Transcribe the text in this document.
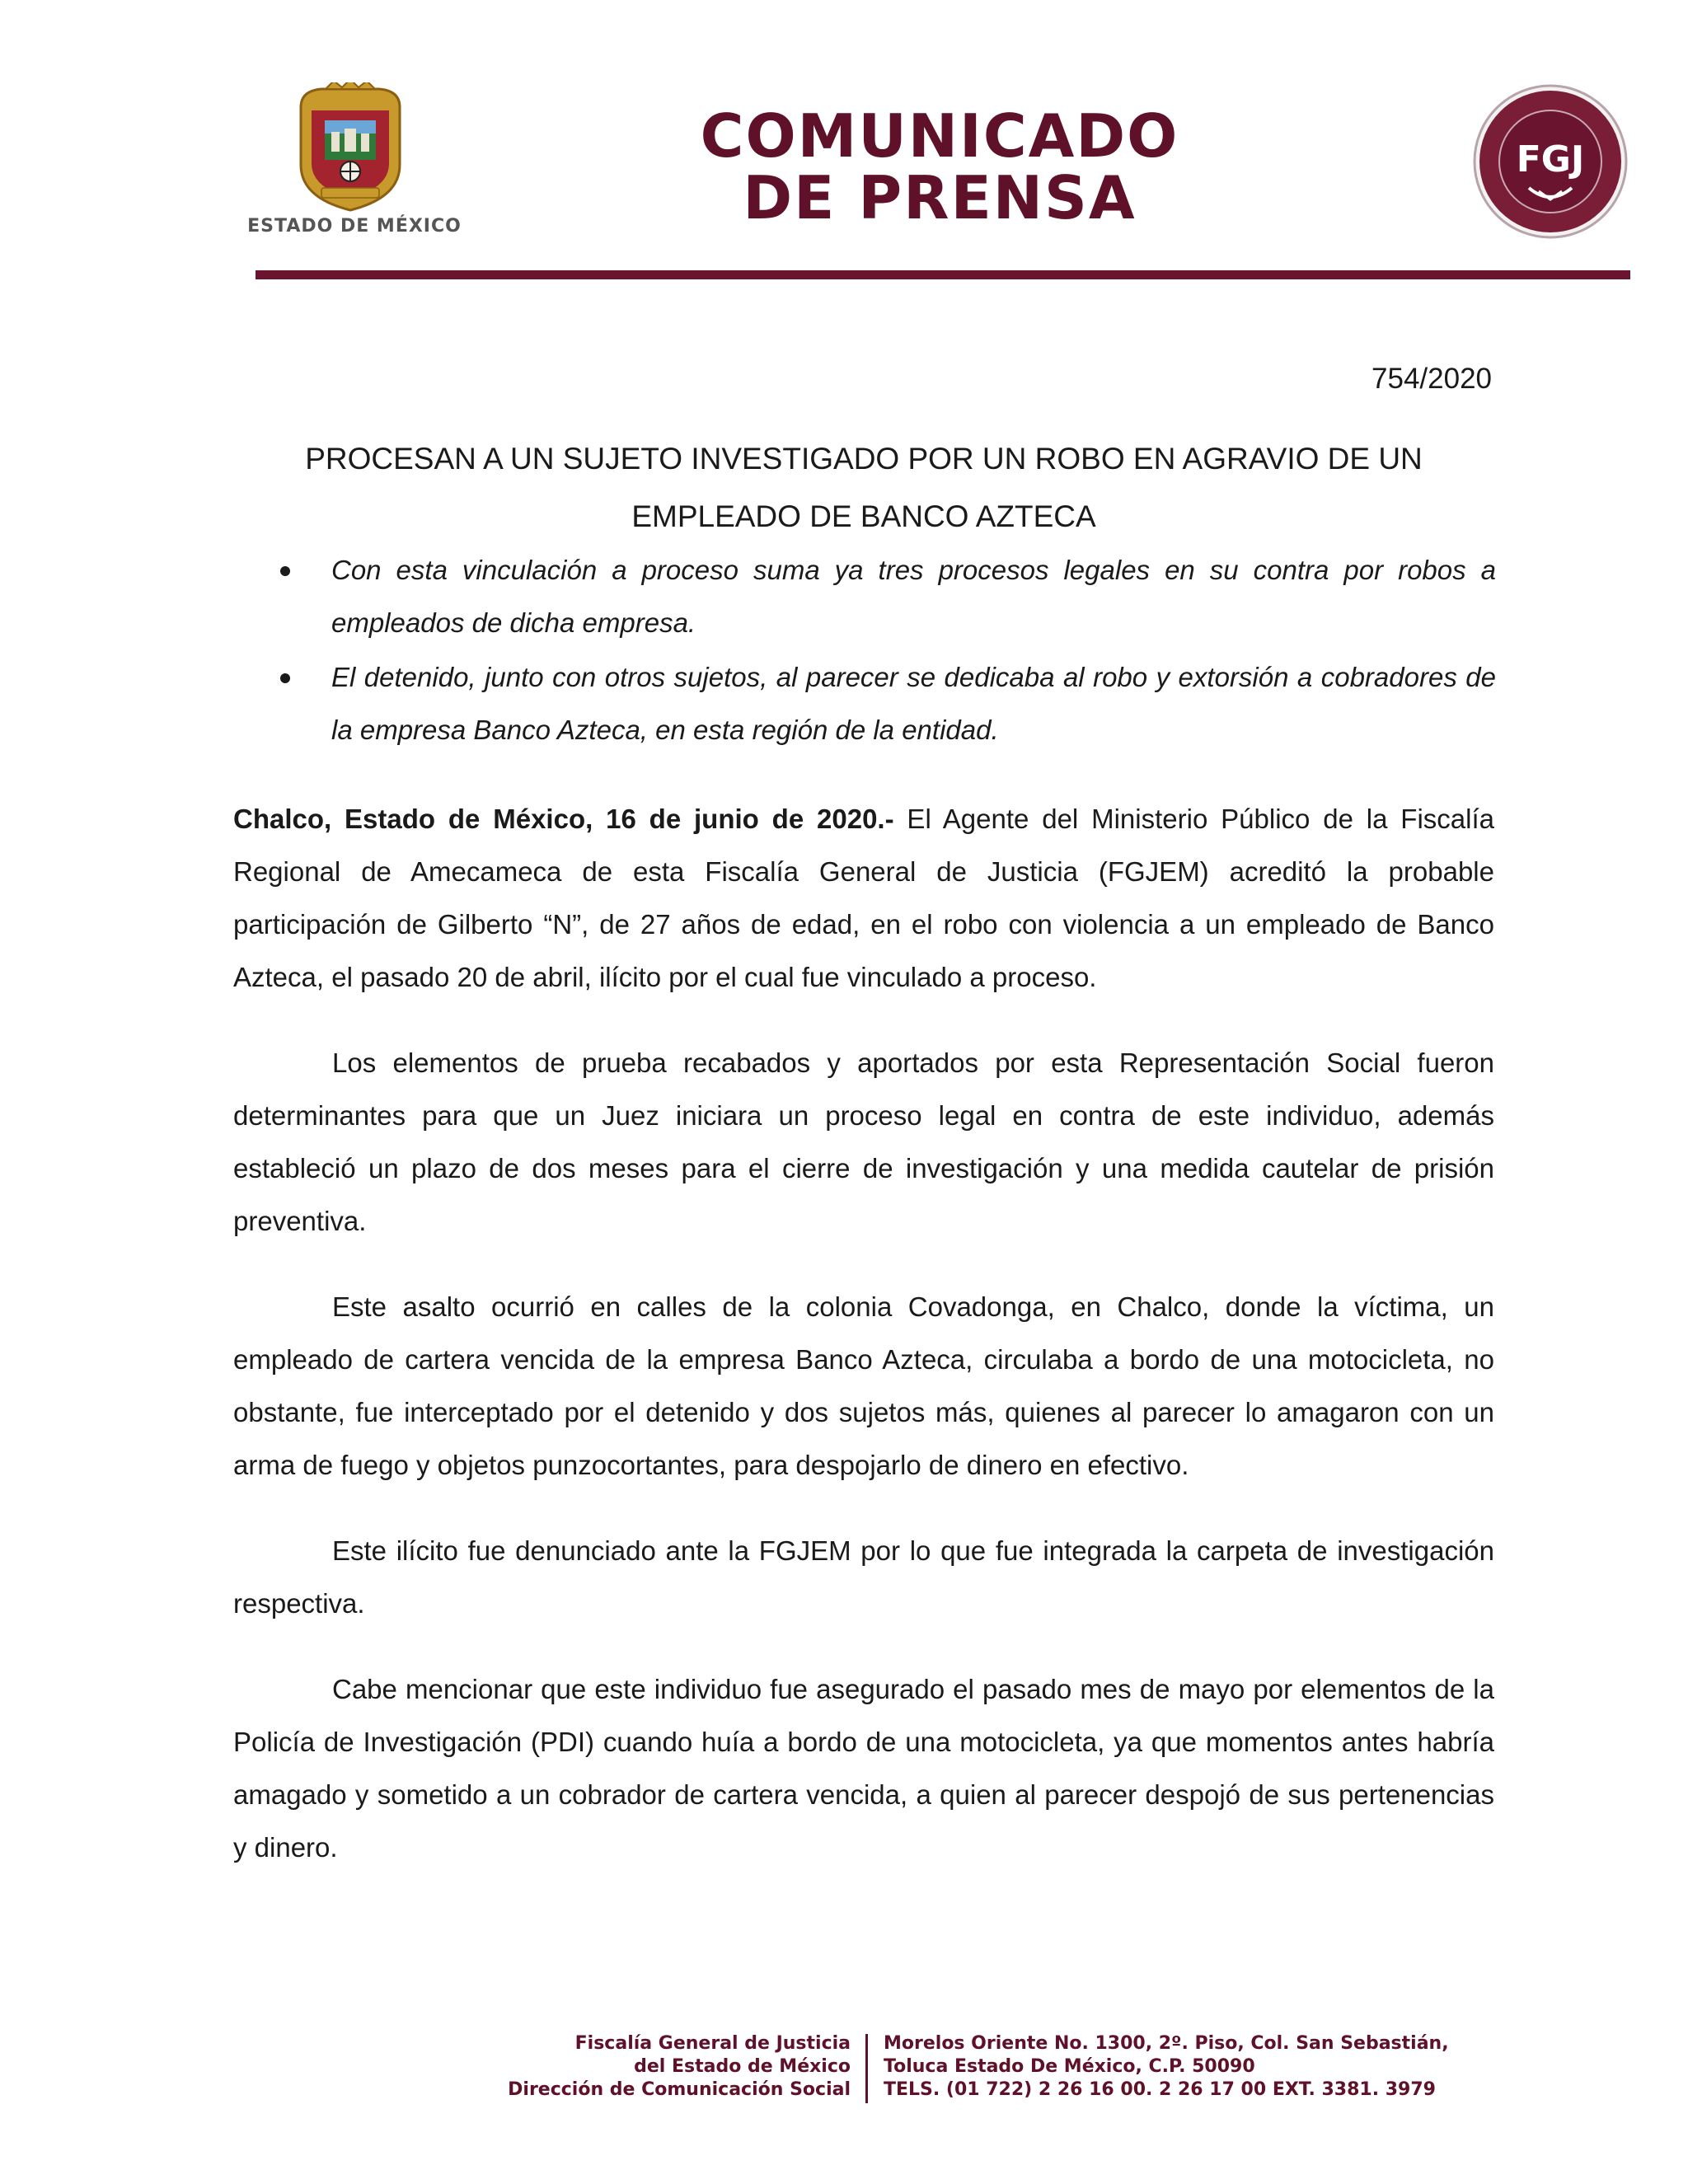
ESTADO DE MÉXICO
COMUNICADO
DE PRENSA
FGJ
754/2020
PROCESAN A UN SUJETO INVESTIGADO POR UN ROBO EN AGRAVIO DE UN EMPLEADO DE BANCO AZTECA
Con esta vinculación a proceso suma ya tres procesos legales en su contra por robos a empleados de dicha empresa.
El detenido, junto con otros sujetos, al parecer se dedicaba al robo y extorsión a cobradores de la empresa Banco Azteca, en esta región de la entidad.

Chalco, Estado de México, 16 de junio de 2020.- El Agente del Ministerio Público de la Fiscalía Regional de Amecameca de esta Fiscalía General de Justicia (FGJEM) acreditó la probable participación de Gilberto “N”, de 27 años de edad, en el robo con violencia a un empleado de Banco Azteca, el pasado 20 de abril, ilícito por el cual fue vinculado a proceso.

Los elementos de prueba recabados y aportados por esta Representación Social fueron determinantes para que un Juez iniciara un proceso legal en contra de este individuo, además estableció un plazo de dos meses para el cierre de investigación y una medida cautelar de prisión preventiva.

Este asalto ocurrió en calles de la colonia Covadonga, en Chalco, donde la víctima, un empleado de cartera vencida de la empresa Banco Azteca, circulaba a bordo de una motocicleta, no obstante, fue interceptado por el detenido y dos sujetos más, quienes al parecer lo amagaron con un arma de fuego y objetos punzocortantes, para despojarlo de dinero en efectivo.

Este ilícito fue denunciado ante la FGJEM por lo que fue integrada la carpeta de investigación respectiva.

Cabe mencionar que este individuo fue asegurado el pasado mes de mayo por elementos de la Policía de Investigación (PDI) cuando huía a bordo de una motocicleta, ya que momentos antes habría amagado y sometido a un cobrador de cartera vencida, a quien al parecer despojó de sus pertenencias y dinero.

Fiscalía General de Justicia
del Estado de México
Dirección de Comunicación Social
Morelos Oriente No. 1300, 2º. Piso, Col. San Sebastián,
Toluca Estado De México, C.P. 50090
TELS. (01 722) 2 26 16 00. 2 26 17 00 EXT. 3381. 3979
